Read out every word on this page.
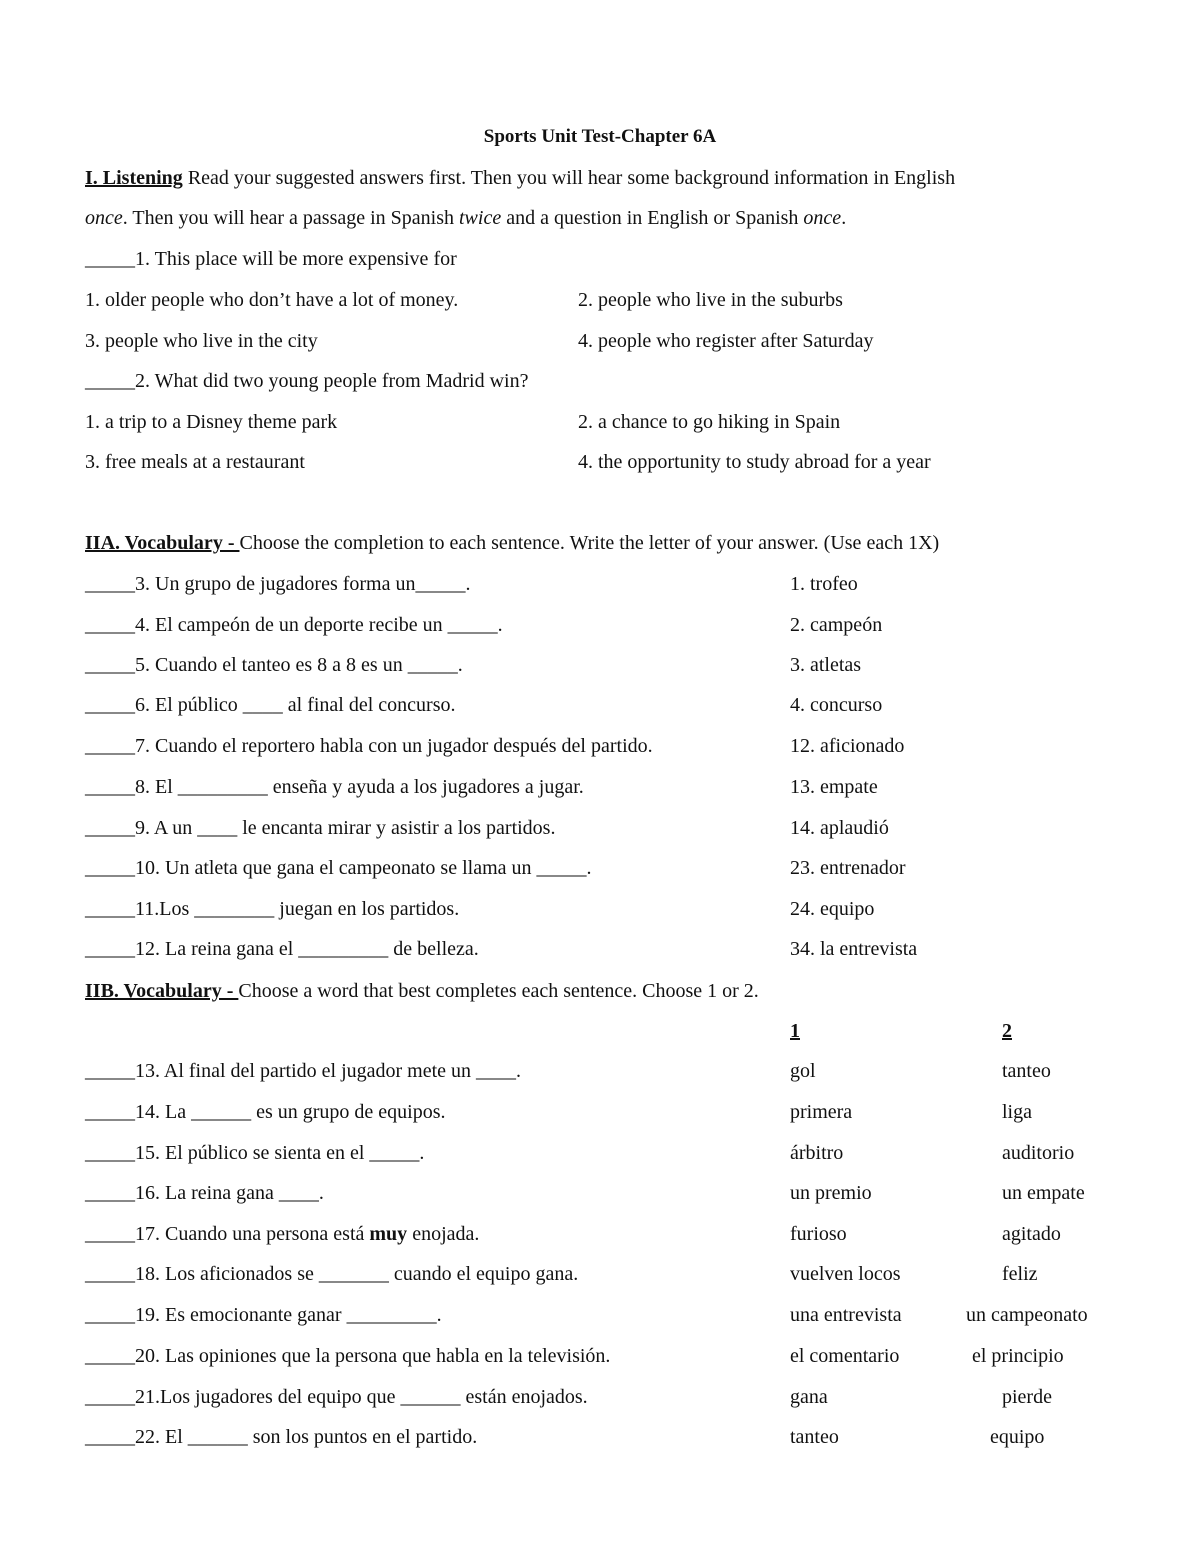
Sports Unit Test-Chapter 6A
I. Listening Read your suggested answers first. Then you will hear some background information in English
once. Then you will hear a passage in Spanish twice and a question in English or Spanish once.
_____1. This place will be more expensive for
1. older people who don’t have a lot of money.	2. people who live in the suburbs
3. people who live in the city	4. people who register after Saturday
_____2. What did two young people from Madrid win?
1. a trip to a Disney theme park	2. a chance to go hiking in Spain
3. free meals at a restaurant	4. the opportunity to study abroad for a year
IIA. Vocabulary - Choose the completion to each sentence. Write the letter of your answer. (Use each 1X)
_____3. Un grupo de jugadores forma un_____.	1. trofeo
_____4. El campeón de un deporte recibe un _____.	2. campeón
_____5. Cuando el tanteo es 8 a 8 es un _____.	3. atletas
_____6. El público ____ al final del concurso.	4. concurso
_____7. Cuando el reportero habla con un jugador después del partido.	12. aficionado
_____8. El _________ enseña y ayuda a los jugadores a jugar.	13. empate
_____9. A un ____ le encanta mirar y asistir a los partidos.	14. aplaudió
_____10. Un atleta que gana el campeonato se llama un _____.	23. entrenador
_____11.Los ________ juegan en los partidos.	24. equipo
_____12. La reina gana el _________ de belleza.	34. la entrevista
IIB. Vocabulary - Choose a word that best completes each sentence. Choose 1 or 2.
1	2
_____13. Al final del partido el jugador mete un ____.	gol	tanteo
_____14. La ______ es un grupo de equipos.	primera	liga
_____15. El público se sienta en el _____.	árbitro	auditorio
_____16. La reina gana ____.	un premio	un empate
_____17. Cuando una persona está muy enojada.	furioso	agitado
_____18. Los aficionados se _______ cuando el equipo gana.	vuelven locos	feliz
_____19. Es emocionante ganar _________.	una entrevista	un campeonato
_____20. Las opiniones que la persona que habla en la televisión.	el comentario	el principio
_____21.Los jugadores del equipo que ______ están enojados.	gana	pierde
_____22. El ______ son los puntos en el partido.	tanteo	equipo
